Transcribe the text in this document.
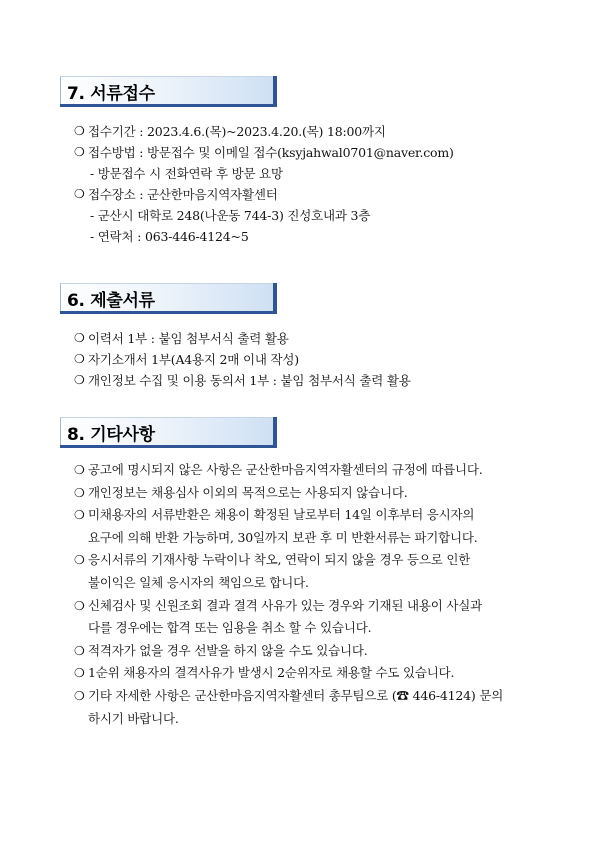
7. 서류접수
❍ 접수기간 : 2023.4.6.(목)~2023.4.20.(목) 18:00까지
❍ 접수방법 : 방문접수 및 이메일 접수(ksyjahwal0701@naver.com)
- 방문접수 시 전화연락 후 방문 요망
❍ 접수장소 : 군산한마음지역자활센터
- 군산시 대학로 248(나운동 744-3) 진성호내과 3층
- 연락처 : 063-446-4124~5
6. 제출서류
❍ 이력서 1부 : 붙임 첨부서식 출력 활용
❍ 자기소개서 1부(A4용지 2매 이내 작성)
❍ 개인정보 수집 및 이용 동의서 1부 : 붙임 첨부서식 출력 활용
8. 기타사항
❍ 공고에 명시되지 않은 사항은 군산한마음지역자활센터의 규정에 따릅니다.
❍ 개인정보는 채용심사 이외의 목적으로는 사용되지 않습니다.
❍ 미채용자의 서류반환은 채용이 확정된 날로부터 14일 이후부터 응시자의
요구에 의해 반환 가능하며, 30일까지 보관 후 미 반환서류는 파기합니다.
❍ 응시서류의 기재사항 누락이나 착오, 연락이 되지 않을 경우 등으로 인한
불이익은 일체 응시자의 책임으로 합니다.
❍ 신체검사 및 신원조회 결과 결격 사유가 있는 경우와 기재된 내용이 사실과
다를 경우에는 합격 또는 임용을 취소 할 수 있습니다.
❍ 적격자가 없을 경우 선발을 하지 않을 수도 있습니다.
❍ 1순위 채용자의 결격사유가 발생시 2순위자로 채용할 수도 있습니다.
❍ 기타 자세한 사항은 군산한마음지역자활센터 총무팀으로 (☎ 446-4124) 문의
하시기 바랍니다.
